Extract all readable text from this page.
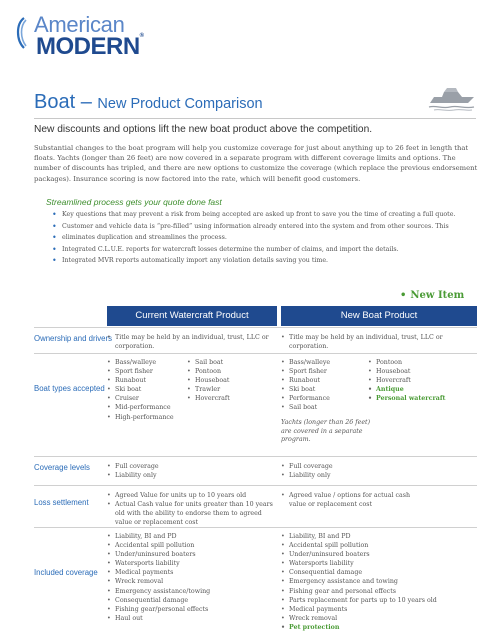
American
MODERN®
Boat – New Product Comparison
New discounts and options lift the new boat product above the competition.
Substantial changes to the boat program will help you customize coverage for just about anything up to 26 feet in length that floats. Yachts (longer than 26 feet) are now covered in a separate program with different coverage limits and options. The number of discounts has tripled, and there are new options to customize the coverage (which replace the previous endorsement packages). Insurance scoring is now factored into the rate, which will benefit good customers.
Streamlined process gets your quote done fast
• Key questions that may prevent a risk from being accepted are asked up front to save you the time of creating a full quote.
• Customer and vehicle data is “pre-filled” using information already entered into the system and from other sources. This
• eliminates duplication and streamlines the process.
• Integrated C.L.U.E. reports for watercraft losses determine the number of claims, and import the details.
• Integrated MVR reports automatically import any violation details saving you time.
• New Item
Current Watercraft Product	New Boat Product
Ownership and drivers • Title may be held by an individual, trust, LLC or corporation.
• Title may be held by an individual, trust, LLC or corporation.
Boat types accepted
• Bass/walleye
• Sport fisher
• Runabout
• Ski boat
• Cruiser
• Mid-performance
• High-performance
• Sail boat
• Pontoon
• Houseboat
• Trawler
• Hovercraft
• Bass/walleye
• Sport fisher
• Runabout
• Ski boat
• Performance
• Sail boat
• Pontoon
• Houseboat
• Hovercraft
• Antique
• Personal watercraft
Yachts (longer than 26 feet) are covered in a separate program.
Coverage levels	• Full coverage
• Liability only
• Full coverage
• Liability only
Loss settlement
• Agreed Value for units up to 10 years old
• Actual Cash value for units greater than 10 years old with the ability to endorse them to agreed value or replacement cost
• Agreed value / options for actual cash value or replacement cost
Included coverage
• Liability, BI and PD
• Accidental spill pollution
• Under/uninsured boaters
• Watersports liability
• Medical payments
• Wreck removal
• Emergency assistance/towing
• Consequential damage
• Fishing gear/personal effects
• Haul out
• Liability, BI and PD
• Accidental spill pollution
• Under/uninsured boaters
• Watersports liability
• Consequential damage
• Emergency assistance and towing
• Fishing gear and personal effects
• Parts replacement for parts up to 10 years old
• Medical payments
• Wreck removal
• Pet protection
